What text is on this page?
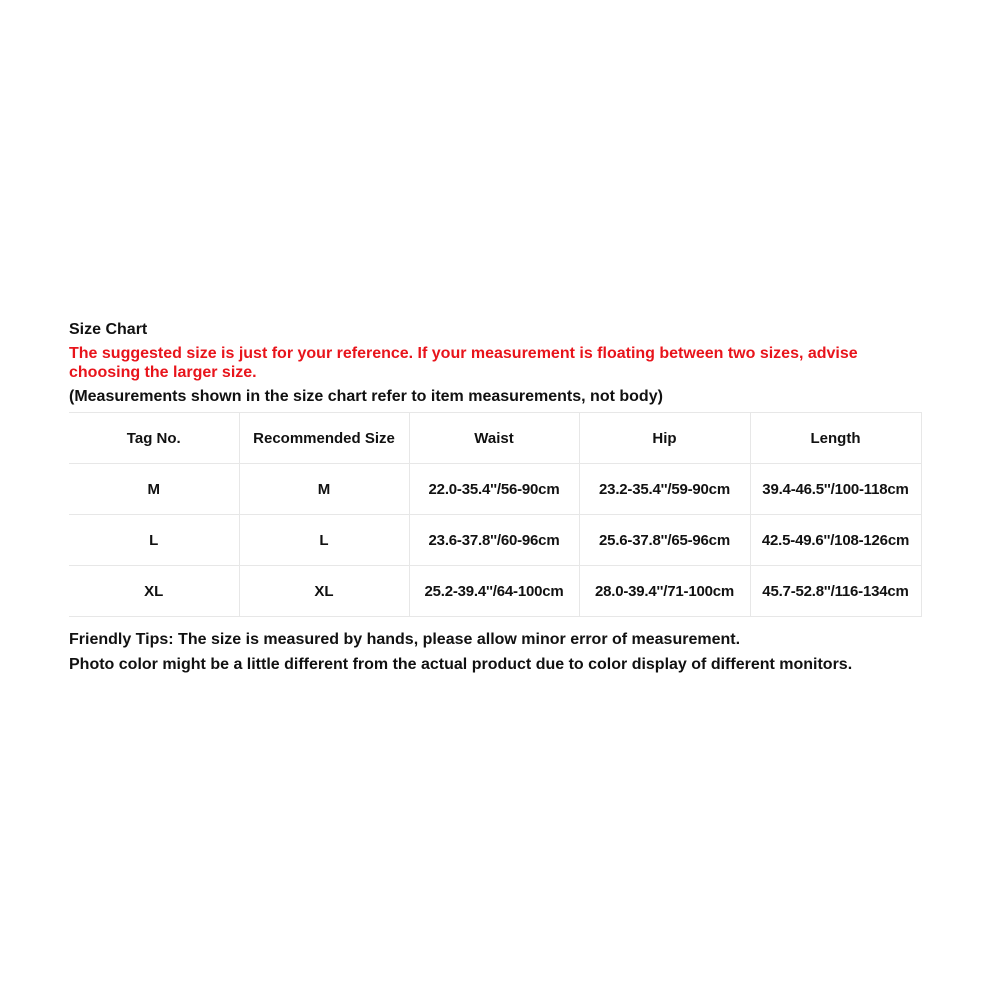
Size Chart
The suggested size is just for your reference. If your measurement is floating between two sizes, advise choosing the larger size.
(Measurements shown in the size chart refer to item measurements, not body)
Tag No.	Recommended Size	Waist	Hip	Length
M	M	22.0-35.4''/56-90cm	23.2-35.4''/59-90cm	39.4-46.5''/100-118cm
L	L	23.6-37.8''/60-96cm	25.6-37.8''/65-96cm	42.5-49.6''/108-126cm
XL	XL	25.2-39.4''/64-100cm	28.0-39.4''/71-100cm	45.7-52.8''/116-134cm
Friendly Tips: The size is measured by hands, please allow minor error of measurement.
Photo color might be a little different from the actual product due to color display of different monitors.
